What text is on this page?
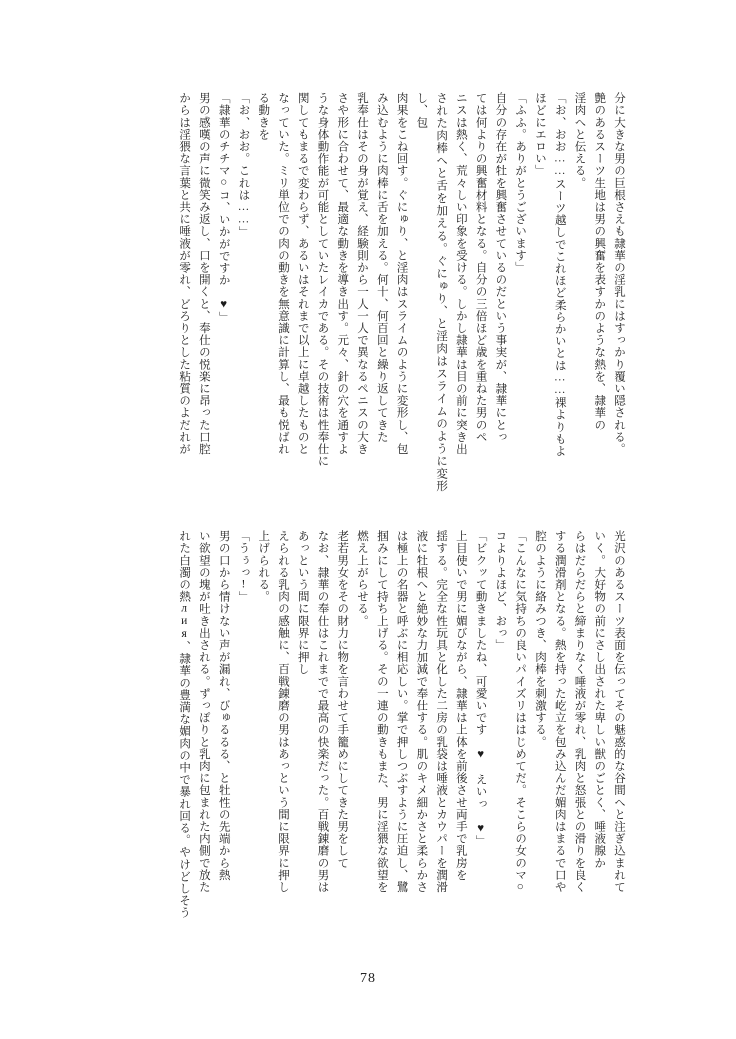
分に大きな男の巨根さえも隷華の淫乳にはすっかり覆い隠される。
艶のあるスーツ生地は男の興奮を表すかのような熱を、隷華の
淫肉へと伝える。
「お、おお……スーツ越しでこれほど柔らかいとは……裸よりもよ
ほどにエロい」
「ふふ。ありがとうございます」
自分の存在が牡を興奮させているのだという事実が、隷華にとっ
ては何よりの興奮材料となる。自分の三倍ほど歳を重ねた男のペ
ニスは熱く、荒々しい印象を受ける。しかし隷華は目の前に突き出
された肉棒へと舌を加える。ぐにゅり、と淫肉はスライムのように変形し、包
肉果をこね回す。ぐにゅり、と淫肉はスライムのように変形し、包
み込むように肉棒に舌を加える。何十、何百回と繰り返してきた
乳奉仕はその身が覚え、経験則から一人一人で異なるペニスの大き
さや形に合わせて、最適な動きを導き出す。元々、針の穴を通すよ
うな身体動作能が可能としていたレイカである。その技術は性奉仕に
関してもまるで変わらず、あるいはそれまで以上に卓越したものと
なっていた。ミリ単位での肉の動きを無意識に計算し、最も悦ばれ
る動きを
「お、おお。これは……」
「隷華のチチマ○コ、いかがですか ♥」
男の感嘆の声に微笑み返し、口を開くと、奉仕の悦楽に昂った口腔
からは淫猥な言葉と共に唾液が零れ、どろりとした粘質のよだれが
光沢のあるスーツ表面を伝ってその魅惑的な谷間へと注ぎ込まれて
いく。大好物の前にさし出された卑しい獣のごとく、唾液腺か
らはだらだらと締まりなく唾液が零れ、乳肉と怒張との滑りを良く
する潤滑剤となる。熱を持った屹立を包み込んだ媚肉はまるで口や
腔のように絡みつき、肉棒を刺激する。
「こんなに気持ちの良いパイズリははじめてだ。そこらの女のマ○
コよりよほど、おっ」
「ビクッて動きましたね、可愛いです ♥ えいっ ♥」
上目使いで男に媚びながら、隷華は上体を前後させ両手で乳房を
揺する。完全な性玩具と化した二房の乳袋は唾液とカウパーを潤滑
液に牡根へと絶妙な力加減で奉仕する。肌のキメ細かさと柔らかさ
は極上の名器と呼ぶに相応しい。掌で押しつぶすように圧迫し、鷺
掴みにして持ち上げる。その一連の動きもまた、男に淫猥な欲望を
燃え上がらせる。
老若男女をその財力に物を言わせて手籠めにしてきた男をして
なお、隷華の奉仕はこれまでで最高の快楽だった。百戦錬磨の男は
あっという間に限界に押し
えられる乳肉の感触に、百戦錬磨の男はあっという間に限界に押し
上げられる。
「うぅっ!」
男の口から情けない声が漏れ、びゅるるる、と牡性の先端から熱
い欲望の塊が吐き出される。ずっぽりと乳肉に包まれた内側で放た
れた白濁の熱лия、隷華の豊満な媚肉の中で暴れ回る。やけどしそう
78
